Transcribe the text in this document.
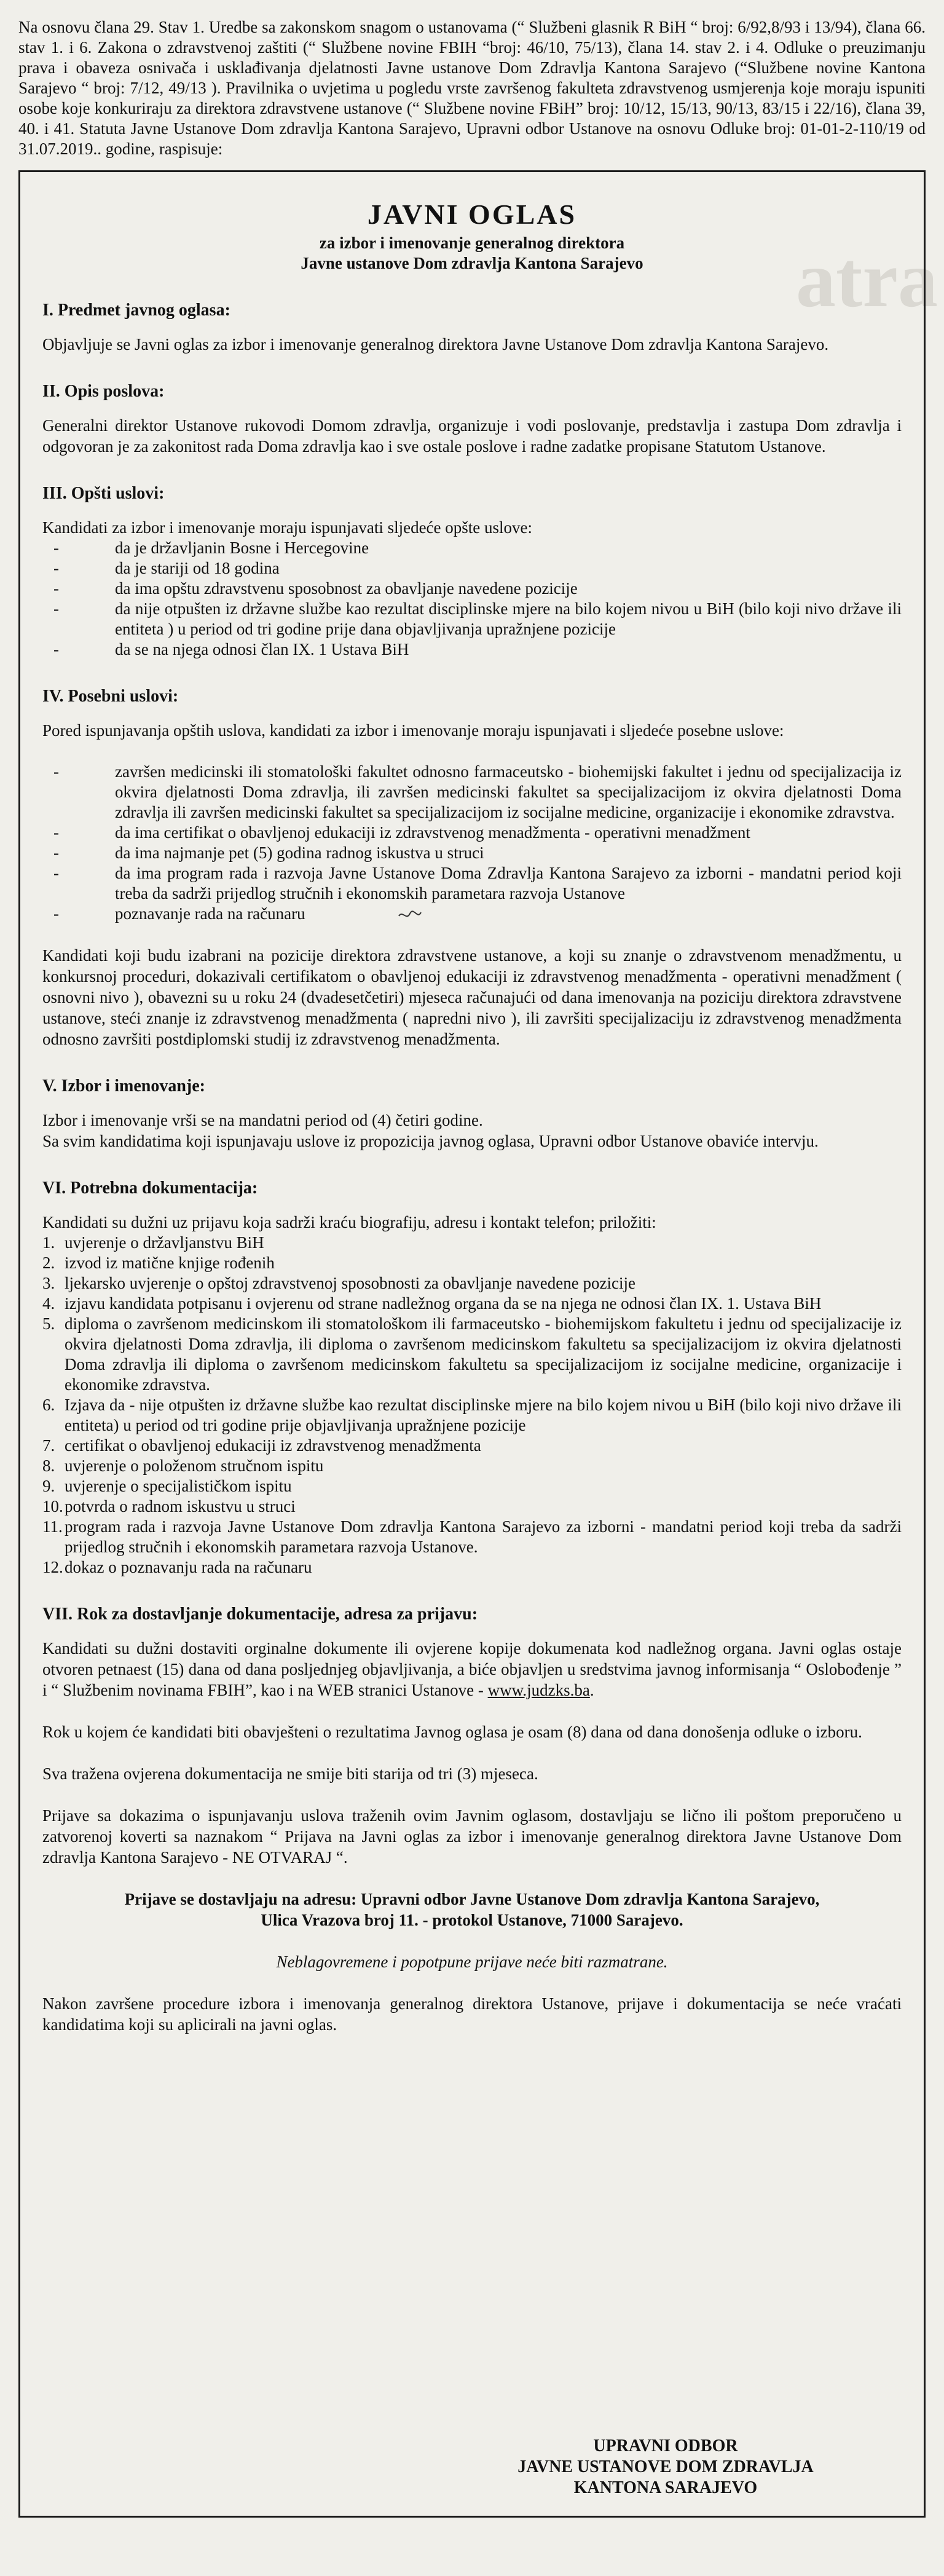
atra

Na osnovu člana 29. Stav 1. Uredbe sa zakonskom snagom o ustanovama (“ Službeni glasnik R BiH “ broj: 6/92,8/93 i 13/94), člana 66. stav 1. i 6. Zakona o zdravstvenoj zaštiti (“ Službene novine FBIH “broj: 46/10, 75/13), člana 14. stav 2. i 4. Odluke o preuzimanju prava i obaveza osnivača i usklađivanja djelatnosti Javne ustanove Dom Zdravlja Kantona Sarajevo (“Službene novine Kantona Sarajevo “ broj: 7/12, 49/13 ). Pravilnika o uvjetima u pogledu vrste završenog fakulteta zdravstvenog usmjerenja koje moraju ispuniti osobe koje konkuriraju za direktora zdravstvene ustanove (“ Službene novine FBiH” broj: 10/12, 15/13, 90/13, 83/15 i 22/16), člana 39, 40. i 41. Statuta Javne Ustanove Dom zdravlja Kantona Sarajevo, Upravni odbor Ustanove na osnovu Odluke broj: 01-01-2-110/19 od 31.07.2019.. godine, raspisuje:

JAVNI OGLAS
za izbor i imenovanje generalnog direktora
Javne ustanove Dom zdravlja Kantona Sarajevo
I. Predmet javnog oglasa:

Objavljuje se Javni oglas za izbor i imenovanje generalnog direktora Javne Ustanove Dom zdravlja Kantona Sarajevo.

II. Opis poslova:

Generalni direktor Ustanove rukovodi Domom zdravlja, organizuje i vodi poslovanje, predstavlja i zastupa Dom zdravlja i odgovoran je za zakonitost rada Doma zdravlja kao i sve ostale poslove i radne zadatke propisane Statutom Ustanove.

III. Opšti uslovi:

Kandidati za izbor i imenovanje moraju ispunjavati sljedeće opšte uslove:

- da je državljanin Bosne i Hercegovine
- da je stariji od 18 godina
- da ima opštu zdravstvenu sposobnost za obavljanje navedene pozicije
- da nije otpušten iz državne službe kao rezultat disciplinske mjere na bilo kojem nivou u BiH (bilo koji nivo države ili entiteta ) u period od tri godine prije dana objavljivanja upražnjene pozicije
- da se na njega odnosi član IX. 1 Ustava BiH
IV. Posebni uslovi:

Pored ispunjavanja opštih uslova, kandidati za izbor i imenovanje moraju ispunjavati i sljedeće posebne uslove:

- završen medicinski ili stomatološki fakultet odnosno farmaceutsko - biohemijski fakultet i jednu od specijalizacija iz okvira djelatnosti Doma zdravlja, ili završen medicinski fakultet sa specijalizacijom iz okvira djelatnosti Doma zdravlja ili završen medicinski fakultet sa specijalizacijom iz socijalne medicine, organizacije i ekonomike zdravstva.
- da ima certifikat o obavljenoj edukaciji iz zdravstvenog menadžmenta - operativni menadžment
- da ima najmanje pet (5) godina radnog iskustva u struci
- da ima program rada i razvoja Javne Ustanove Doma Zdravlja Kantona Sarajevo za izborni - mandatni period koji treba da sadrži prijedlog stručnih i ekonomskih parametara razvoja Ustanove
- poznavanje rada na računaru

Kandidati koji budu izabrani na pozicije direktora zdravstvene ustanove, a koji su znanje o zdravstvenom menadžmentu, u konkursnoj proceduri, dokazivali certifikatom o obavljenoj edukaciji iz zdravstvenog menadžmenta - operativni menadžment ( osnovni nivo ), obavezni su u roku 24 (dvadesetčetiri) mjeseca računajući od dana imenovanja na poziciju direktora zdravstvene ustanove, steći znanje iz zdravstvenog menadžmenta ( napredni nivo ), ili završiti specijalizaciju iz zdravstvenog menadžmenta odnosno završiti postdiplomski studij iz zdravstvenog menadžmenta.

V. Izbor i imenovanje:

Izbor i imenovanje vrši se na mandatni period od (4) četiri godine.

Sa svim kandidatima koji ispunjavaju uslove iz propozicija javnog oglasa, Upravni odbor Ustanove obaviće intervju.

VI. Potrebna dokumentacija:

Kandidati su dužni uz prijavu koja sadrži kraću biografiju, adresu i kontakt telefon; priložiti:

1. uvjerenje o državljanstvu BiH
2. izvod iz matične knjige rođenih
3. ljekarsko uvjerenje o opštoj zdravstvenoj sposobnosti za obavljanje navedene pozicije
4. izjavu kandidata potpisanu i ovjerenu od strane nadležnog organa da se na njega ne odnosi član IX. 1. Ustava BiH
5. diploma o završenom medicinskom ili stomatološkom ili farmaceutsko - biohemijskom fakultetu i jednu od specijalizacije iz okvira djelatnosti Doma zdravlja, ili diploma o završenom medicinskom fakultetu sa specijalizacijom iz okvira djelatnosti Doma zdravlja ili diploma o završenom medicinskom fakultetu sa specijalizacijom iz socijalne medicine, organizacije i ekonomike zdravstva.
6. Izjava da - nije otpušten iz državne službe kao rezultat disciplinske mjere na bilo kojem nivou u BiH (bilo koji nivo države ili entiteta) u period od tri godine prije objavljivanja upražnjene pozicije
7. certifikat o obavljenoj edukaciji iz zdravstvenog menadžmenta
8. uvjerenje o položenom stručnom ispitu
9. uvjerenje o specijalističkom ispitu
10. potvrda o radnom iskustvu u struci
11. program rada i razvoja Javne Ustanove Dom zdravlja Kantona Sarajevo za izborni - mandatni period koji treba da sadrži prijedlog stručnih i ekonomskih parametara razvoja Ustanove.
12. dokaz o poznavanju rada na računaru
VII. Rok za dostavljanje dokumentacije, adresa za prijavu:

Kandidati su dužni dostaviti orginalne dokumente ili ovjerene kopije dokumenata kod nadležnog organa. Javni oglas ostaje otvoren petnaest (15) dana od dana posljednjeg objavljivanja, a biće objavljen u sredstvima javnog informisanja “ Oslobođenje ” i “ Službenim novinama FBIH”, kao i na WEB stranici Ustanove - www.judzks.ba.

Rok u kojem će kandidati biti obavješteni o rezultatima Javnog oglasa je osam (8) dana od dana donošenja odluke o izboru.

Sva tražena ovjerena dokumentacija ne smije biti starija od tri (3) mjeseca.

Prijave sa dokazima o ispunjavanju uslova traženih ovim Javnim oglasom, dostavljaju se lično ili poštom preporučeno u zatvorenoj koverti sa naznakom “ Prijava na Javni oglas za izbor i imenovanje generalnog direktora Javne Ustanove Dom zdravlja Kantona Sarajevo - NE OTVARAJ “.

Prijave se dostavljaju na adresu: Upravni odbor Javne Ustanove Dom zdravlja Kantona Sarajevo,

Ulica Vrazova broj 11. - protokol Ustanove, 71000 Sarajevo.

Neblagovremene i popotpune prijave neće biti razmatrane.

Nakon završene procedure izbora i imenovanja generalnog direktora Ustanove, prijave i dokumentacija se neće vraćati kandidatima koji su aplicirali na javni oglas.

UPRAVNI ODBOR
JAVNE USTANOVE DOM ZDRAVLJA
KANTONA SARAJEVO
